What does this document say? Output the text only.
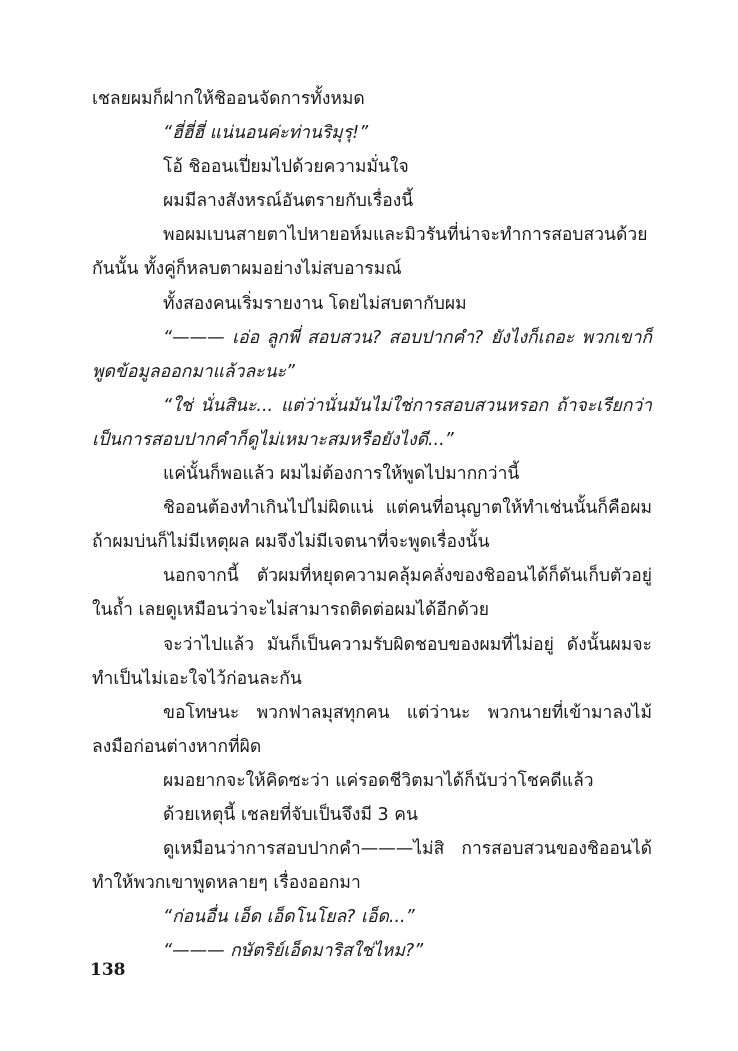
เชลยผมก็ฝากให้ชิออนจัดการทั้งหมด

“ฮี่ฮี่ฮี่ แน่นอนค่ะท่านริมุรุ!”

โอ้ ชิออนเปี่ยมไปด้วยความมั่นใจ

ผมมีลางสังหรณ์อันตรายกับเรื่องนี้

พอผมเบนสายตาไปหายอห์มและมิวรันที่น่าจะทำการสอบสวนด้วยกันนั้น ทั้งคู่ก็หลบตาผมอย่างไม่สบอารมณ์

ทั้งสองคนเริ่มรายงาน โดยไม่สบตากับผม

“——— เอ่อ ลูกพี่ สอบสวน? สอบปากคำ? ยังไงก็เถอะ พวกเขาก็พูดข้อมูลออกมาแล้วละนะ”

“ใช่ นั่นสินะ... แต่ว่านั่นมันไม่ใช่การสอบสวนหรอก ถ้าจะเรียกว่าเป็นการสอบปากคำก็ดูไม่เหมาะสมหรือยังไงดี...”

แค่นั้นก็พอแล้ว ผมไม่ต้องการให้พูดไปมากกว่านี้

ชิออนต้องทำเกินไปไม่ผิดแน่ แต่คนที่อนุญาตให้ทำเช่นนั้นก็คือผม ถ้าผมบ่นก็ไม่มีเหตุผล ผมจึงไม่มีเจตนาที่จะพูดเรื่องนั้น

นอกจากนี้ ตัวผมที่หยุดความคลุ้มคลั่งของชิออนได้ก็ดันเก็บตัวอยู่ในถ้ำ เลยดูเหมือนว่าจะไม่สามารถติดต่อผมได้อีกด้วย

จะว่าไปแล้ว มันก็เป็นความรับผิดชอบของผมที่ไม่อยู่ ดังนั้นผมจะทำเป็นไม่เอะใจไว้ก่อนละกัน

ขอโทษนะ พวกฟาลมุสทุกคน แต่ว่านะ พวกนายที่เข้ามาลงไม้ลงมือก่อนต่างหากที่ผิด

ผมอยากจะให้คิดซะว่า แค่รอดชีวิตมาได้ก็นับว่าโชคดีแล้ว

ด้วยเหตุนี้ เชลยที่จับเป็นจึงมี 3 คน

ดูเหมือนว่าการสอบปากคำ———ไม่สิ การสอบสวนของชิออนได้ทำให้พวกเขาพูดหลายๆ เรื่องออกมา

“ก่อนอื่น เอ็ด เอ็ดโนโยล? เอ็ด...”

“——— กษัตริย์เอ็ดมาริสใช่ไหม?”

138
